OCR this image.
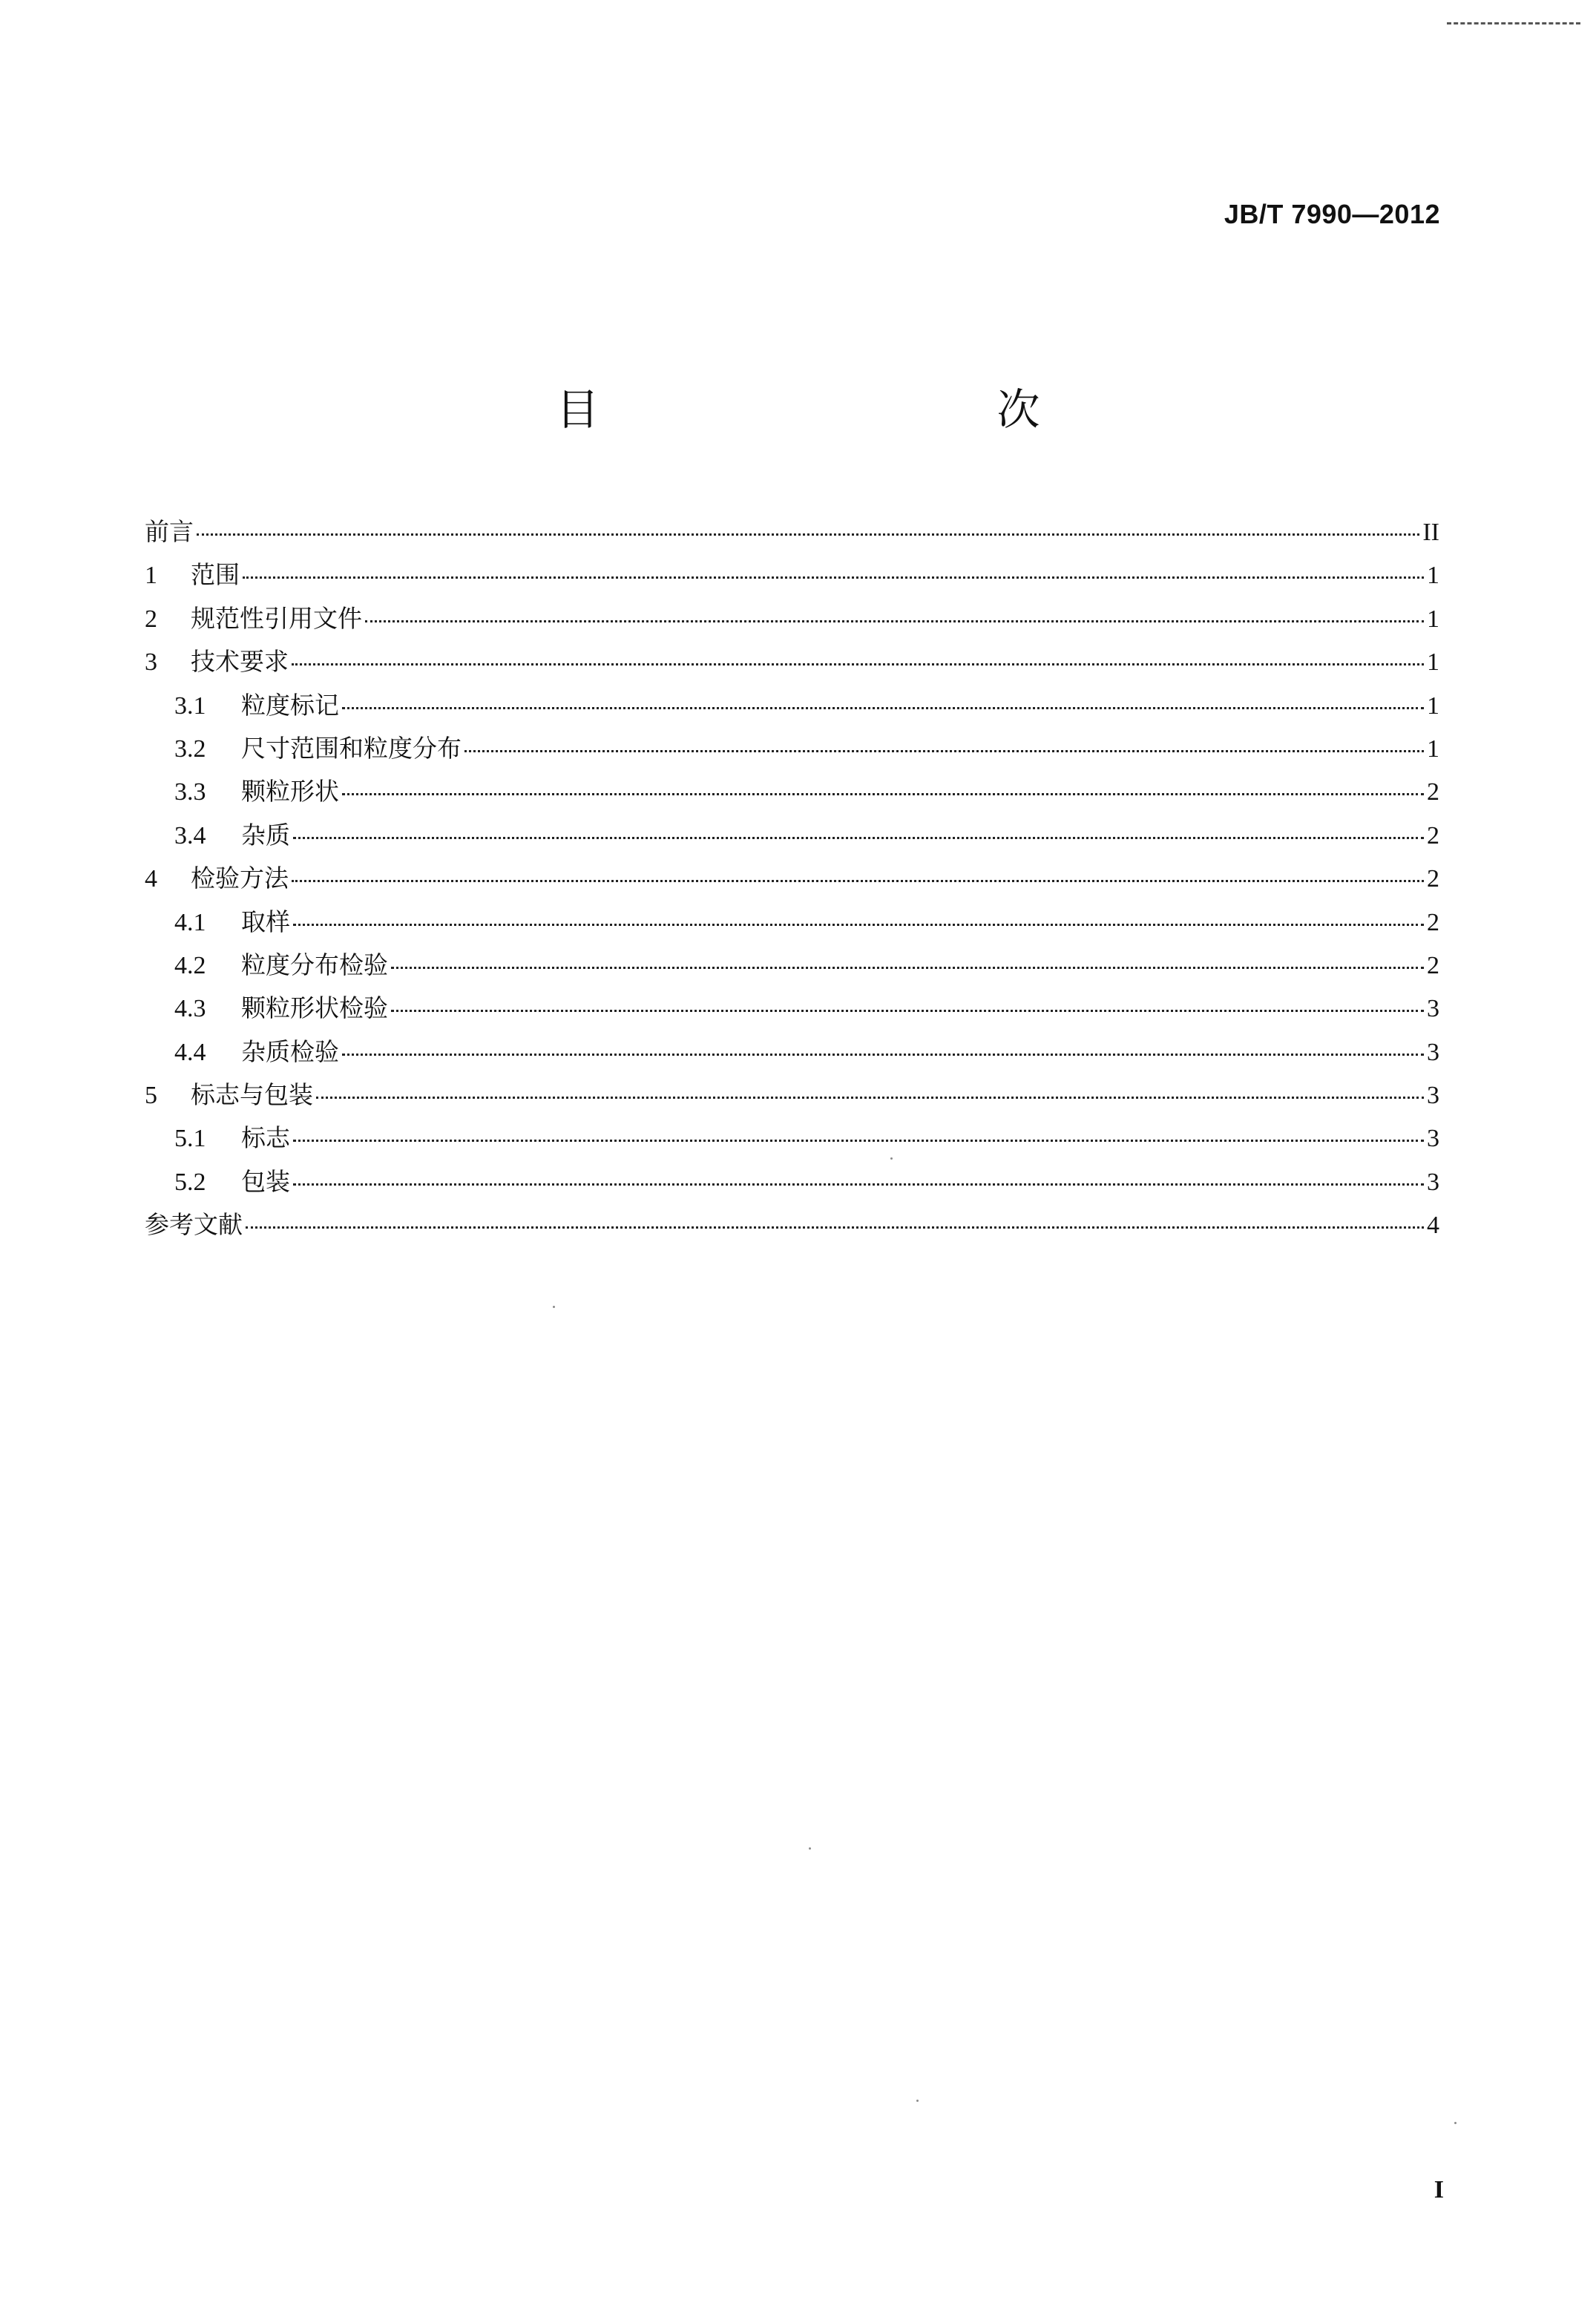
JB/T 7990—2012
目　　次
前言	II
1	范围	1
2	规范性引用文件	1
3	技术要求	1
3.1	粒度标记	1
3.2	尺寸范围和粒度分布	1
3.3	颗粒形状	2
3.4	杂质	2
4	检验方法	2
4.1	取样	2
4.2	粒度分布检验	2
4.3	颗粒形状检验	3
4.4	杂质检验	3
5	标志与包装	3
5.1	标志	3
5.2	包装	3
参考文献	4
I
